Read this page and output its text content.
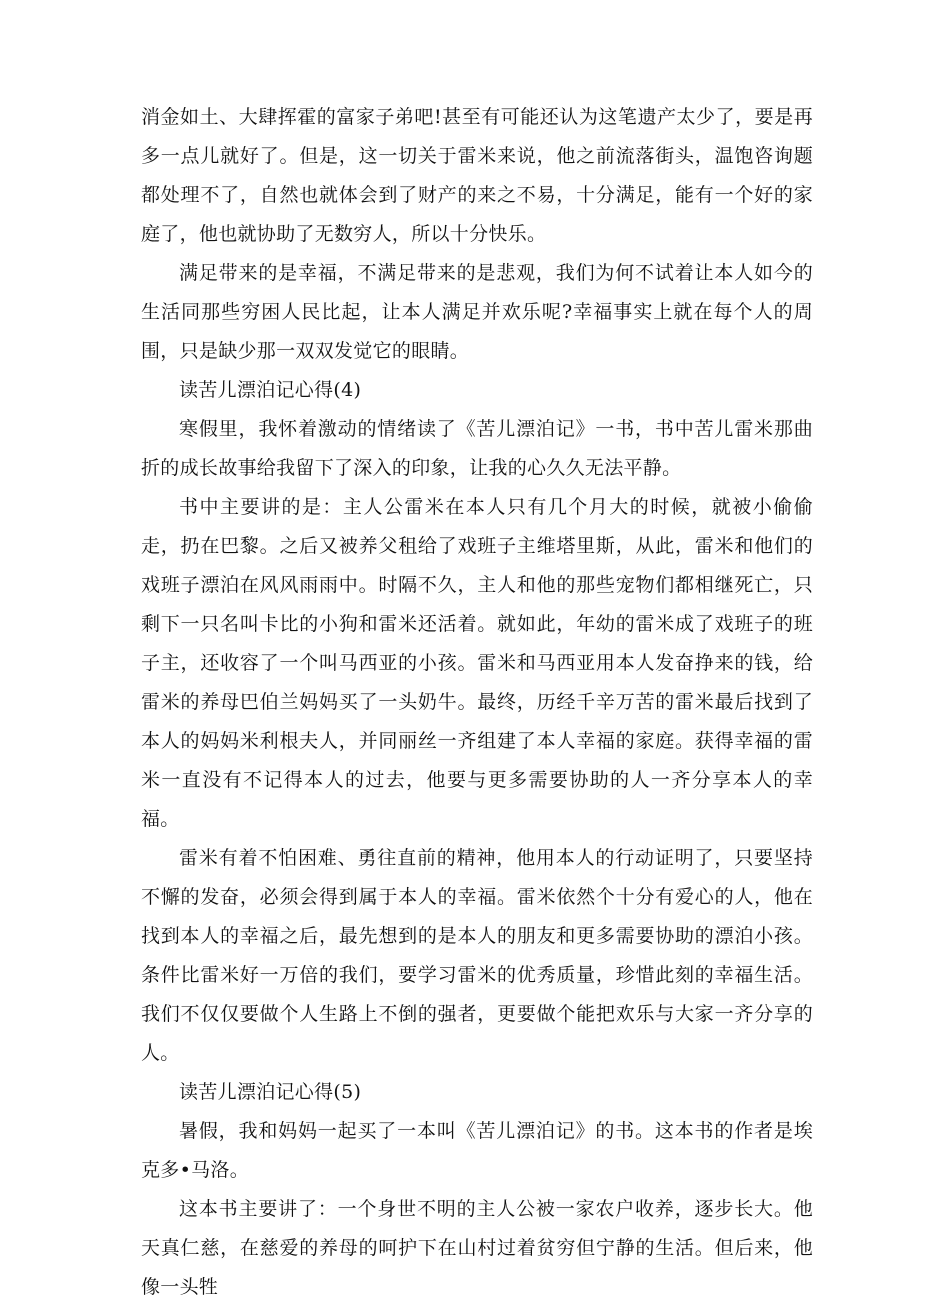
消金如土、大肆挥霍的富家子弟吧!甚至有可能还认为这笔遗产太少了，要是再多一点儿就好了。但是，这一切关于雷米来说，他之前流落街头，温饱咨询题都处理不了，自然也就体会到了财产的来之不易，十分满足，能有一个好的家庭了，他也就协助了无数穷人，所以十分快乐。

满足带来的是幸福，不满足带来的是悲观，我们为何不试着让本人如今的生活同那些穷困人民比起，让本人满足并欢乐呢?幸福事实上就在每个人的周围，只是缺少那一双双发觉它的眼睛。

读苦儿漂泊记心得(4)

寒假里，我怀着激动的情绪读了《苦儿漂泊记》一书，书中苦儿雷米那曲折的成长故事给我留下了深入的印象，让我的心久久无法平静。

书中主要讲的是：主人公雷米在本人只有几个月大的时候，就被小偷偷走，扔在巴黎。之后又被养父租给了戏班子主维塔里斯，从此，雷米和他们的戏班子漂泊在风风雨雨中。时隔不久，主人和他的那些宠物们都相继死亡，只剩下一只名叫卡比的小狗和雷米还活着。就如此，年幼的雷米成了戏班子的班子主，还收容了一个叫马西亚的小孩。雷米和马西亚用本人发奋挣来的钱，给雷米的养母巴伯兰妈妈买了一头奶牛。最终，历经千辛万苦的雷米最后找到了本人的妈妈米利根夫人，并同丽丝一齐组建了本人幸福的家庭。获得幸福的雷米一直没有不记得本人的过去，他要与更多需要协助的人一齐分享本人的幸福。

雷米有着不怕困难、勇往直前的精神，他用本人的行动证明了，只要坚持不懈的发奋，必须会得到属于本人的幸福。雷米依然个十分有爱心的人，他在找到本人的幸福之后，最先想到的是本人的朋友和更多需要协助的漂泊小孩。条件比雷米好一万倍的我们，要学习雷米的优秀质量，珍惜此刻的幸福生活。我们不仅仅要做个人生路上不倒的强者，更要做个能把欢乐与大家一齐分享的人。

读苦儿漂泊记心得(5)

暑假，我和妈妈一起买了一本叫《苦儿漂泊记》的书。这本书的作者是埃克多•马洛。

这本书主要讲了：一个身世不明的主人公被一家农户收养，逐步长大。他天真仁慈，在慈爱的养母的呵护下在山村过着贫穷但宁静的生活。但后来，他像一头牲
